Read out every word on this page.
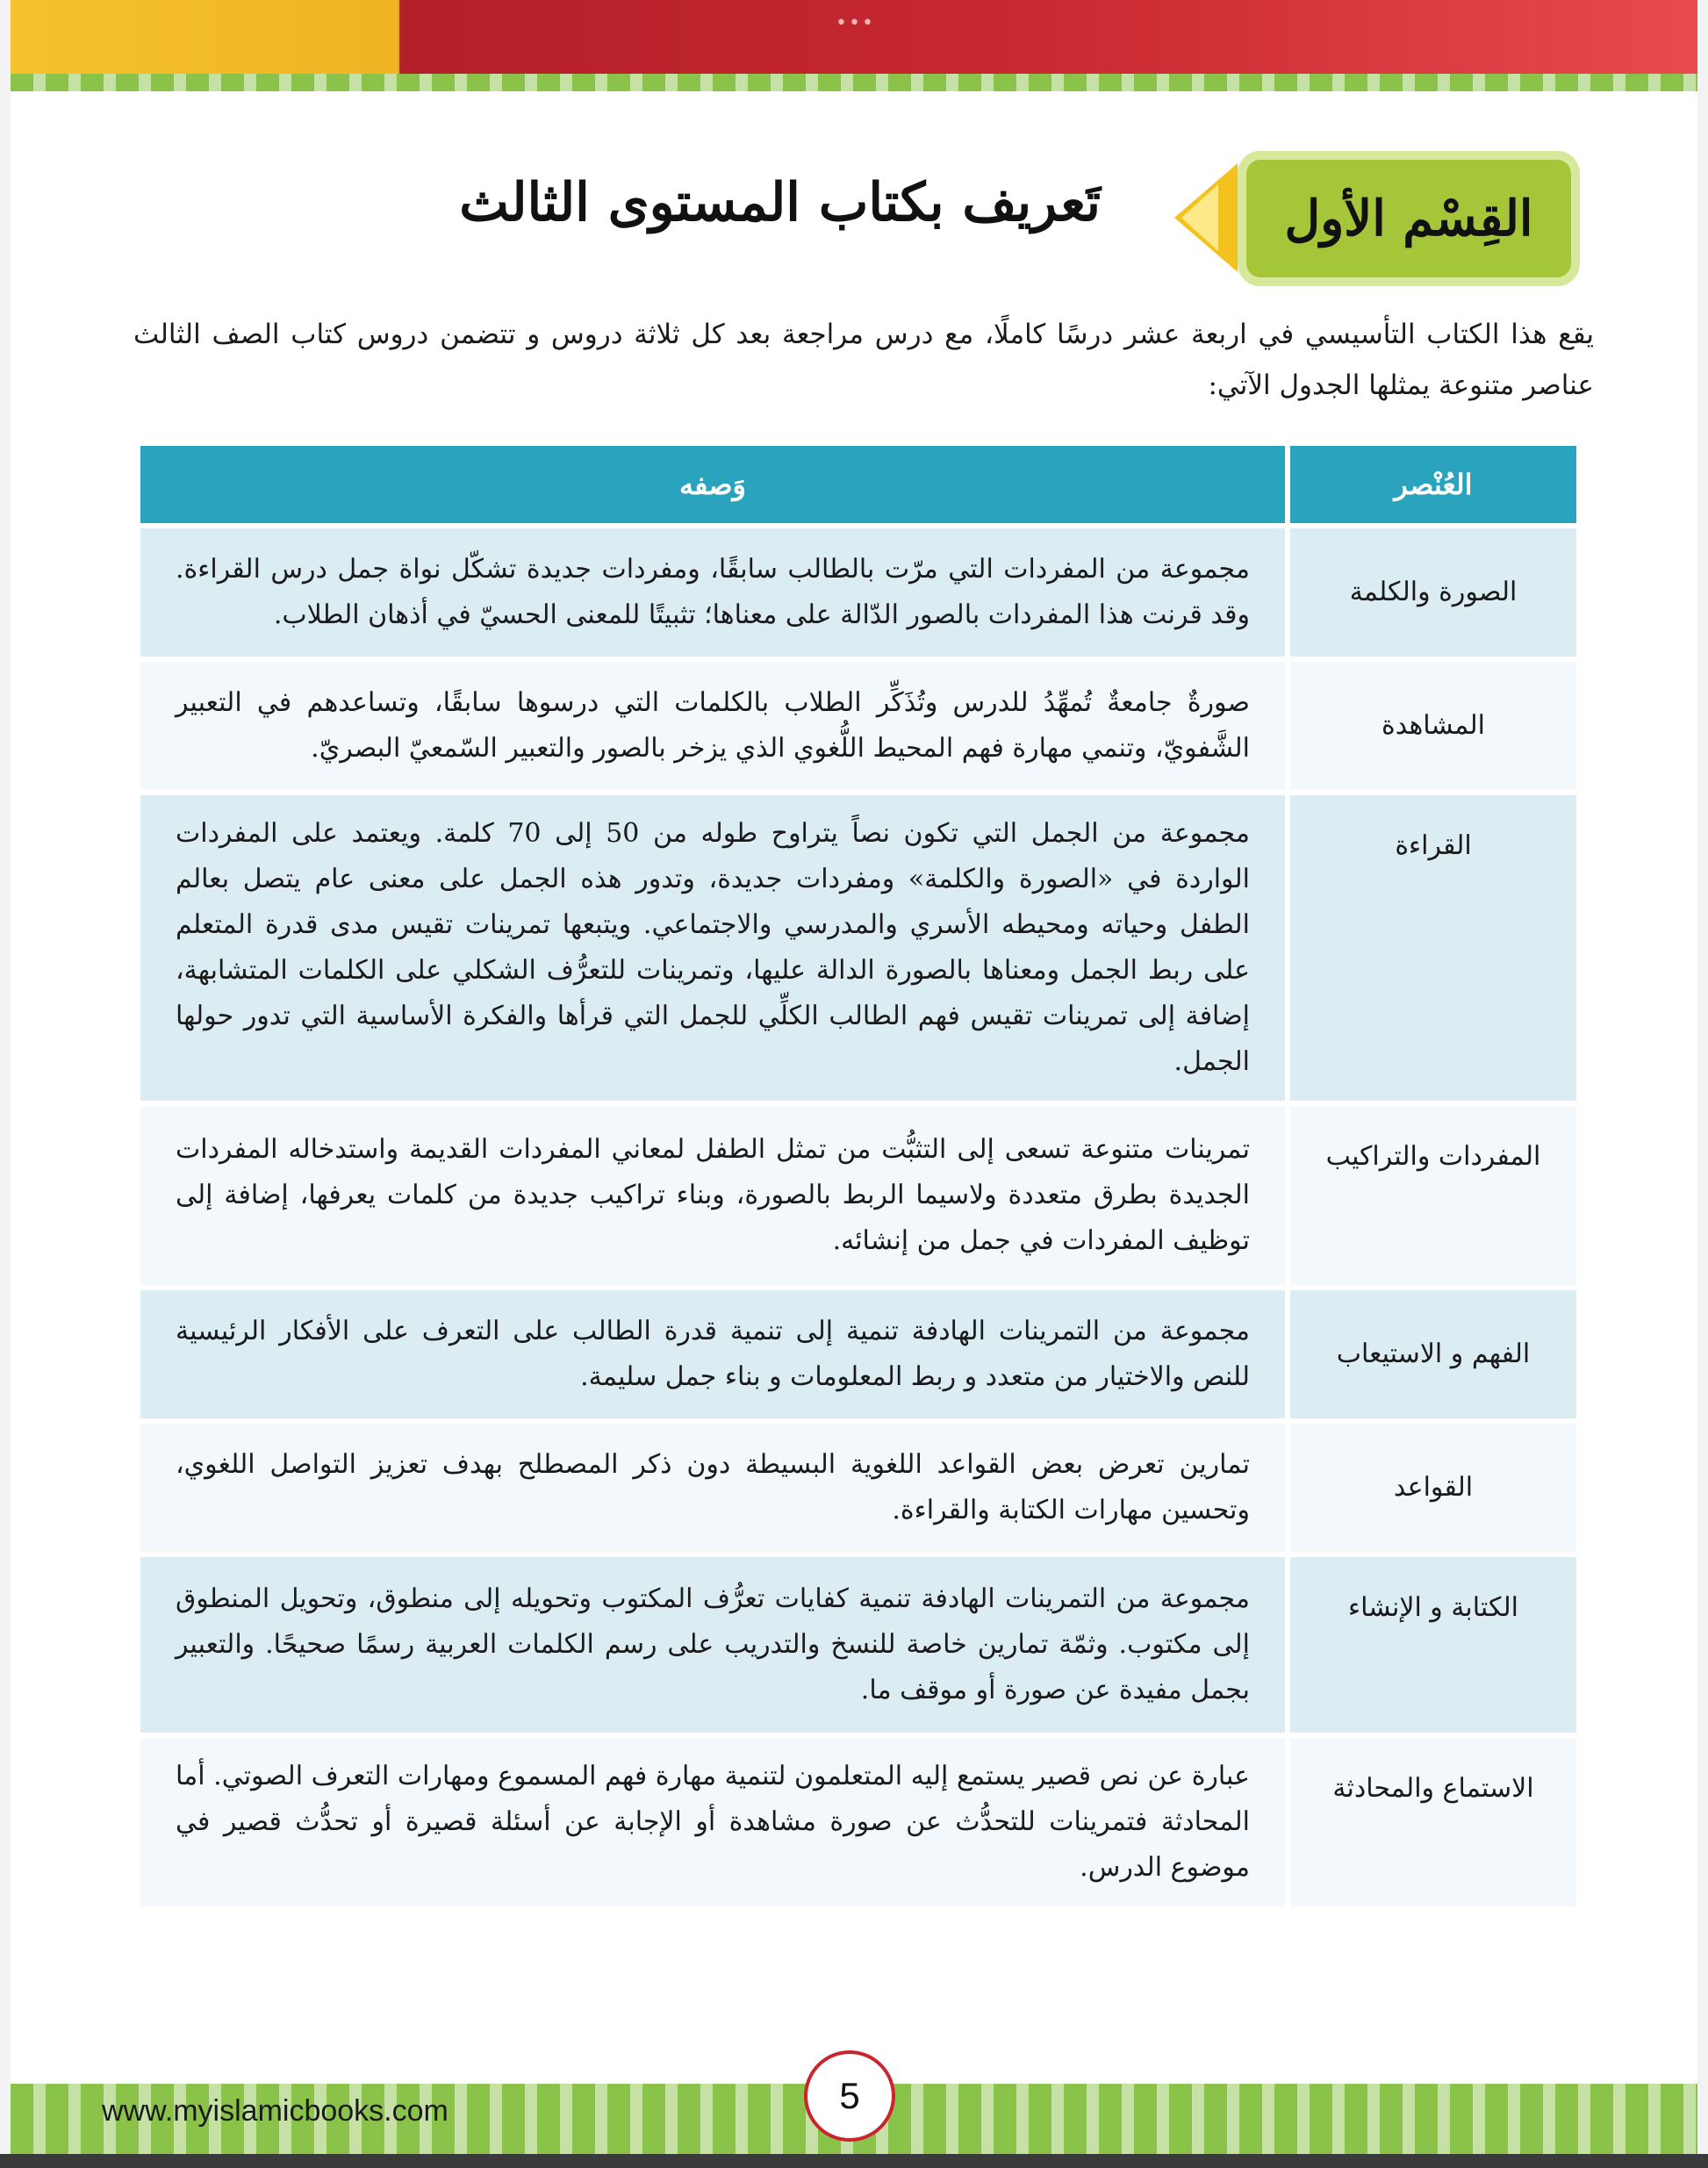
•••
القِسْم الأول
تَعريف بكتاب المستوى الثالث

يقع هذا الكتاب التأسيسي في اربعة عشر درسًا كاملًا، مع درس مراجعة بعد كل ثلاثة دروس و تتضمن دروس كتاب الصف الثالث عناصر متنوعة يمثلها الجدول الآتي:

العُنْصر	وَصفه
الصورة والكلمة	مجموعة من المفردات التي مرّت بالطالب سابقًا، ومفردات جديدة تشكّل نواة جمل درس القراءة. وقد قرنت هذا المفردات بالصور الدّالة على معناها؛ تثبيتًا للمعنى الحسيّ في أذهان الطلاب.
المشاهدة	صورةٌ جامعةٌ تُمهِّدُ للدرس وتُذَكِّر الطلاب بالكلمات التي درسوها سابقًا، وتساعدهم في التعبير الشَّفويّ، وتنمي مهارة فهم المحيط اللُّغوي الذي يزخر بالصور والتعبير السّمعيّ البصريّ.
القراءة	مجموعة من الجمل التي تكون نصاً يتراوح طوله من 50 إلى 70 كلمة. ويعتمد على المفردات الواردة في «الصورة والكلمة» ومفردات جديدة، وتدور هذه الجمل على معنى عام يتصل بعالم الطفل وحياته ومحيطه الأسري والمدرسي والاجتماعي. ويتبعها تمرينات تقيس مدى قدرة المتعلم على ربط الجمل ومعناها بالصورة الدالة عليها، وتمرينات للتعرُّف الشكلي على الكلمات المتشابهة، إضافة إلى تمرينات تقيس فهم الطالب الكلِّي للجمل التي قرأها والفكرة الأساسية التي تدور حولها الجمل.
المفردات والتراكيب	تمرينات متنوعة تسعى إلى التثبُّت من تمثل الطفل لمعاني المفردات القديمة واستدخاله المفردات الجديدة بطرق متعددة ولاسيما الربط بالصورة، وبناء تراكيب جديدة من كلمات يعرفها، إضافة إلى توظيف المفردات في جمل من إنشائه.
الفهم و الاستيعاب	مجموعة من التمرينات الهادفة تنمية إلى تنمية قدرة الطالب على التعرف على الأفكار الرئيسية للنص والاختيار من متعدد و ربط المعلومات و بناء جمل سليمة.
القواعد	تمارين تعرض بعض القواعد اللغوية البسيطة دون ذكر المصطلح بهدف تعزيز التواصل اللغوي، وتحسين مهارات الكتابة والقراءة.
الكتابة و الإنشاء	مجموعة من التمرينات الهادفة تنمية كفايات تعرُّف المكتوب وتحويله إلى منطوق، وتحويل المنطوق إلى مكتوب. وثمّة تمارين خاصة للنسخ والتدريب على رسم الكلمات العربية رسمًا صحيحًا. والتعبير بجمل مفيدة عن صورة أو موقف ما.
الاستماع والمحادثة	عبارة عن نص قصير يستمع إليه المتعلمون لتنمية مهارة فهم المسموع ومهارات التعرف الصوتي. أما المحادثة فتمرينات للتحدُّث عن صورة مشاهدة أو الإجابة عن أسئلة قصيرة أو تحدُّث قصير في موضوع الدرس.
www.myislamicbooks.com	5
